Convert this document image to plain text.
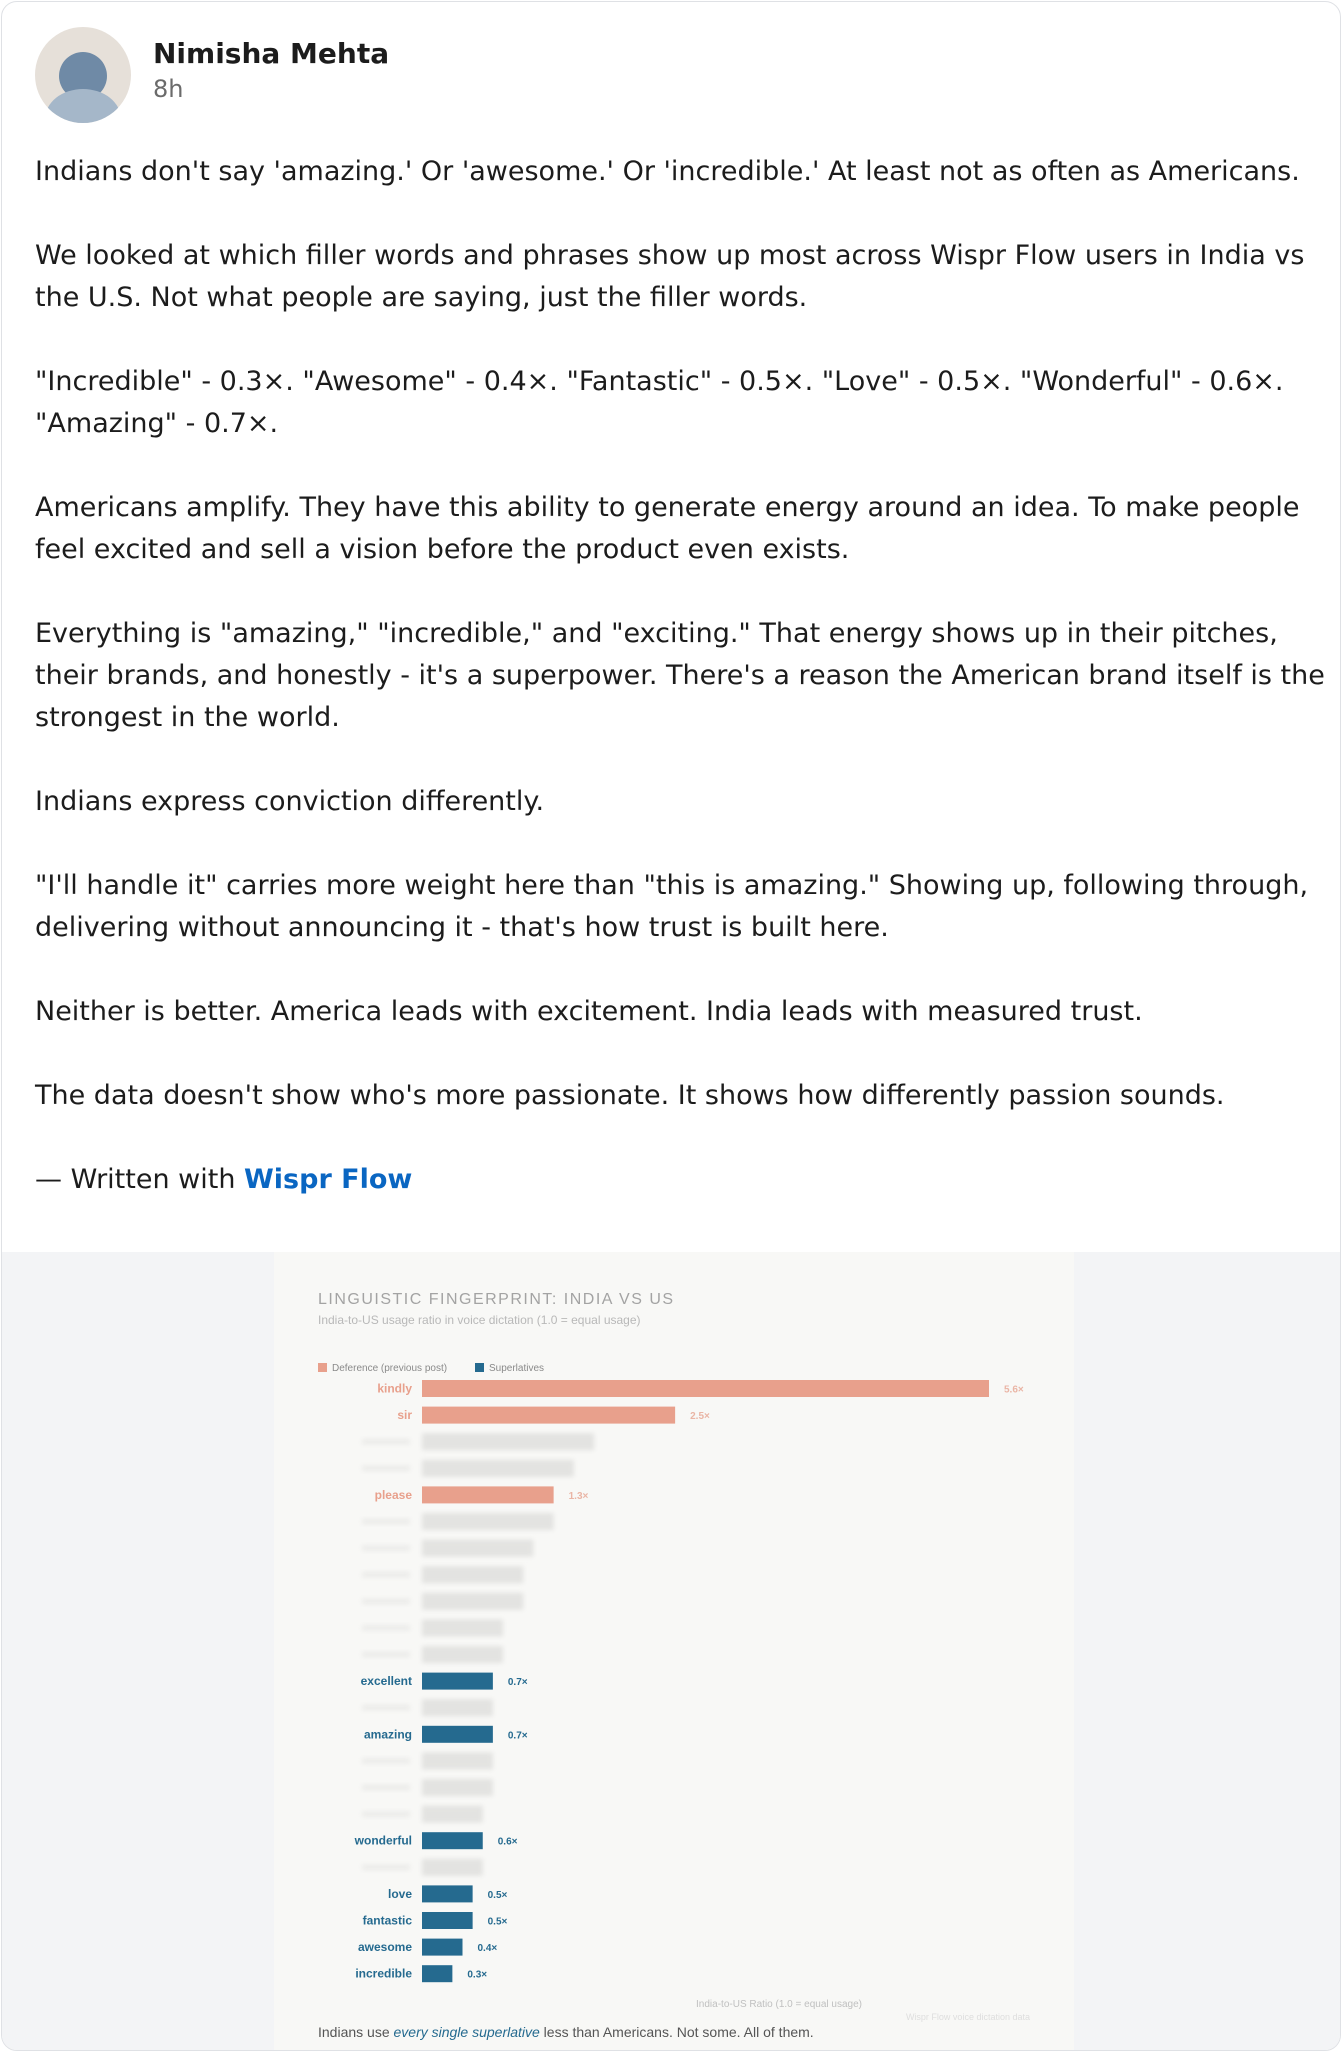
Nimisha Mehta
8h

Indians don't say 'amazing.' Or 'awesome.' Or 'incredible.' At least not as often as Americans.

We looked at which filler words and phrases show up most across Wispr Flow users in India vs the U.S. Not what people are saying, just the filler words.

"Incredible" - 0.3×. "Awesome" - 0.4×. "Fantastic" - 0.5×. "Love" - 0.5×. "Wonderful" - 0.6×. "Amazing" - 0.7×.

Americans amplify. They have this ability to generate energy around an idea. To make people feel excited and sell a vision before the product even exists.

Everything is "amazing," "incredible," and "exciting." That energy shows up in their pitches, their brands, and honestly - it's a superpower. There's a reason the American brand itself is the strongest in the world.

Indians express conviction differently.

"I'll handle it" carries more weight here than "this is amazing." Showing up, following through, delivering without announcing it - that's how trust is built here.

Neither is better. America leads with excitement. India leads with measured trust.

The data doesn't show who's more passionate. It shows how differently passion sounds.

— Written with Wispr Flow

LINGUISTIC FINGERPRINT: INDIA VS US
India-to-US usage ratio in voice dictation (1.0 = equal usage)
Deference (previous post)	Superlatives
kindly	5.6×
sir	2.5×
please	1.3×
excellent	0.7×
amazing	0.7×
wonderful	0.6×
love	0.5×
fantastic	0.5×
awesome	0.4×
incredible	0.3×
India-to-US Ratio (1.0 = equal usage)
Indians use every single superlative less than Americans. Not some. All of them.
Wispr Flow voice dictation data
